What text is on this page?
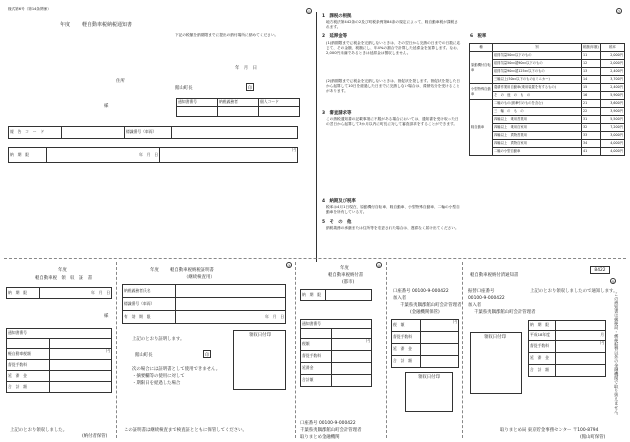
様式第6号（第14条関係）
年度 軽自動車税納税通知書
下記の税額を納期限までに提出の納付場所に納めてください。
年　月　日
住所
様
館山町長	印
通知書番号	納税義務者	個人コード

報　告　コ　ー　ド		標識番号（車両）	
納　期　限	年　月　日	円
①
1　課税の根拠
地方税法第442条の2及び町税条例第84条の規定によって、軽自動車税が課税されます。
2　延滞金等
(1)納期限までに税金を完納しないときは、その翌日から完納の日までの日数に応じて、その金額、税額にし、年4%の割合で計算した延滞金を加算します。なお、2,000円未満であるときは延滞金は徴収しません。
(2)納期限までに税金を完納しないときは、督促状を発します。督促状を発した日から起算して10日を経過した日までに完納しない場合は、滞納処分を受けることがあります。
3　審査請求等
この納税通知書の記載事項に不服がある場合においては、通知書を受け取った日の翌日から起算して3か月以内に町長に対して審査請求をすることができます。
4　納期及び税率
税率は4月1日現在、原動機付自転車、軽自動車、小型特殊自動車、二輪の小型自動車を所有している方。
5　そ　の　他
納税義務の承継または住所等を変更された場合は、遅滞なく届け出てください。
②
6　税率
種	別	税額(年額)	税率
原動機付自転車	総排気量50cc以下のもの	11	2,000円
	総排気量50cc超90cc以下のもの	12	2,000円
	総排気量90cc超125cc以下のもの	13	2,400円
	三輪以上(50cc以下のもの)(ミニカー)	14	3,700円
小型特殊自動車	農耕作業用自動車(乗用装置を有するもの)	15	2,400円
	そ　の　他　の　も　の	16	5,900円
軽自動車	二輪のもの(被牽引のものを含む)	21	3,600円
	三　輪　の　も　の	22	3,900円
	四輪以上　乗用営業用	31	5,500円
	四輪以上　乗用自家用	32	7,200円
	四輪以上　貨物営業用	33	3,000円
	四輪以上　貨物自家用	34	4,000円
	二輪の小型自動車	41	4,000円
年度
軽自動車税　領　収　証　書
納　期　限	年　月　日
様
通知書番号	

軽自動車税額	円
督促手数料	
延　滞　金	
合　計　額	
上記のとおり領収しました。
(納付者保管)
年度	軽自動車税納税証明書
（継続検査用）
納税義務者氏名	
標識番号（車両）	
有　効　期　限	年　月　日
領収日付印
上記のとおり証明します。
館山町長	印
次の場合には証明書として使用できません。
・摘要欄等の使用に対して
・期限日を経過した場合
この証明書は継続検査まで検査証とともに保管してください。
③	年度
軽自動車税納付書
(都市)
納　期　限	
通知書番号	

税額	円
督促手数料	
延滞金	
合計額	
口座番号 00100-9-000422
千葉県夷隅郡館山町会計管理者
取りまとめ金融機関　　　
④
口座番号 00100-9-000422
加入者
千葉県夷隅郡館山町会計管理者
(金融機関保管)
税　額	円
督促手数料	
延　滞　金	
合　計　額	
領収日付印
軽自動車税納付済通知書
8422
⑤
振替口座番号
00100-9-000422
加入者
千葉県夷隅郡館山町会計管理者
上記のとおり領収しましたので通知します。
納　期　限	
平成18年度	月
督促手数料	円
延　滞　金	
合　計　額	
領収日付印
取りまとめ局 東京貯金事務センター 〒100-8794
(館山町保管)
この通知書は郵便局・郵便振替以外の金融機関で取り扱えません。
